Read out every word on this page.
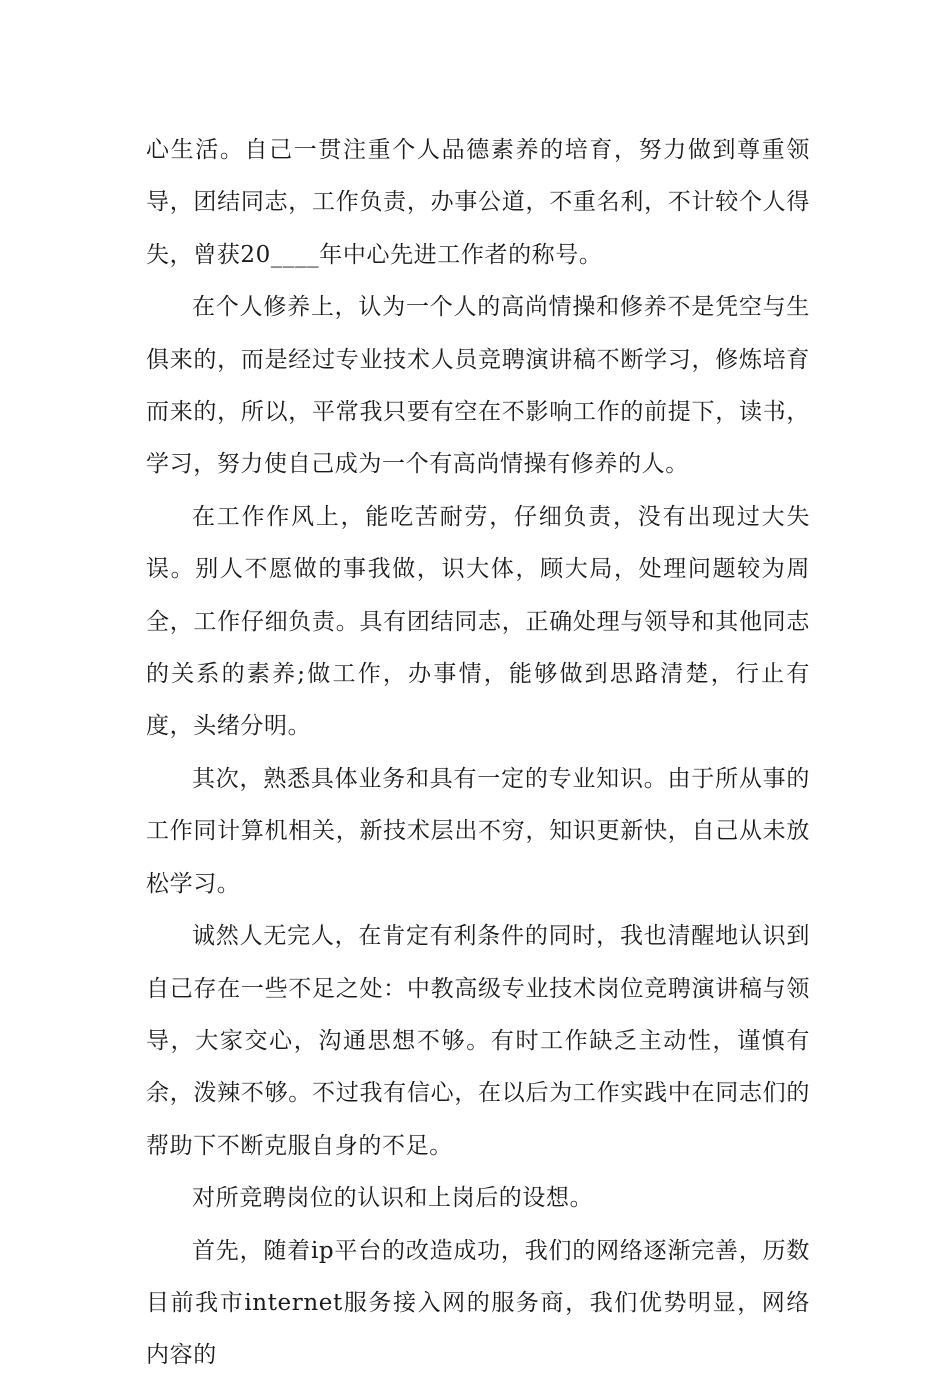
心生活。自己一贯注重个人品德素养的培育，努力做到尊重领导，团结同志，工作负责，办事公道，不重名利，不计较个人得失，曾获20____年中心先进工作者的称号。

在个人修养上，认为一个人的高尚情操和修养不是凭空与生俱来的，而是经过专业技术人员竞聘演讲稿不断学习，修炼培育而来的，所以，平常我只要有空在不影响工作的前提下，读书，学习，努力使自己成为一个有高尚情操有修养的人。

在工作作风上，能吃苦耐劳，仔细负责，没有出现过大失误。别人不愿做的事我做，识大体，顾大局，处理问题较为周全，工作仔细负责。具有团结同志，正确处理与领导和其他同志的关系的素养;做工作，办事情，能够做到思路清楚，行止有度，头绪分明。

其次，熟悉具体业务和具有一定的专业知识。由于所从事的工作同计算机相关，新技术层出不穷，知识更新快，自己从未放松学习。

诚然人无完人，在肯定有利条件的同时，我也清醒地认识到自己存在一些不足之处：中教高级专业技术岗位竞聘演讲稿与领导，大家交心，沟通思想不够。有时工作缺乏主动性，谨慎有余，泼辣不够。不过我有信心，在以后为工作实践中在同志们的帮助下不断克服自身的不足。

对所竞聘岗位的认识和上岗后的设想。

首先，随着ip平台的改造成功，我们的网络逐渐完善，历数目前我市internet服务接入网的服务商，我们优势明显，网络内容的
